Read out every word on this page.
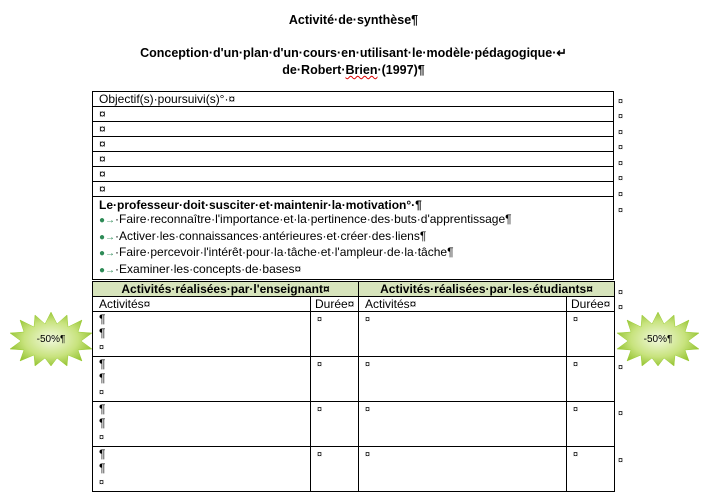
Activité·de·synthèse¶
Conception·d'un·plan·d'un·cours·en·utilisant·le·modèle·pédagogique·↵
de·Robert·Brien·(1997)¶
Objectif(s)·poursuivi(s)°·¤
¤
¤
¤
¤
¤
¤

Le·professeur·doit·susciter·et·maintenir·la·motivation°·¶
●→·Faire·reconnaître·l'importance·et·la·pertinence·des·buts·d'apprentissage¶
●→·Activer·les·connaissances·antérieures·et·créer·des·liens¶
●→·Faire·percevoir·l'intérêt·pour·la·tâche·et·l'ampleur·de·la·tâche¶
●→·Examiner·les·concepts·de·bases¤
Activités·réalisées·par·l'enseignant¤		Activités·réalisées·par·les·étudiants¤	
Activités¤	Durée¤	Activités¤	Durée¤

¶
¶
¤	¤	¤	¤

¶
¶
¤	¤	¤	¤

¶
¶
¤	¤	¤	¤

¶
¶
¤	¤	¤	¤
¤
¤
¤
¤
¤
¤
¤
¤
¤
¤
¤
¤
¤
-50%¶	-50%¶
